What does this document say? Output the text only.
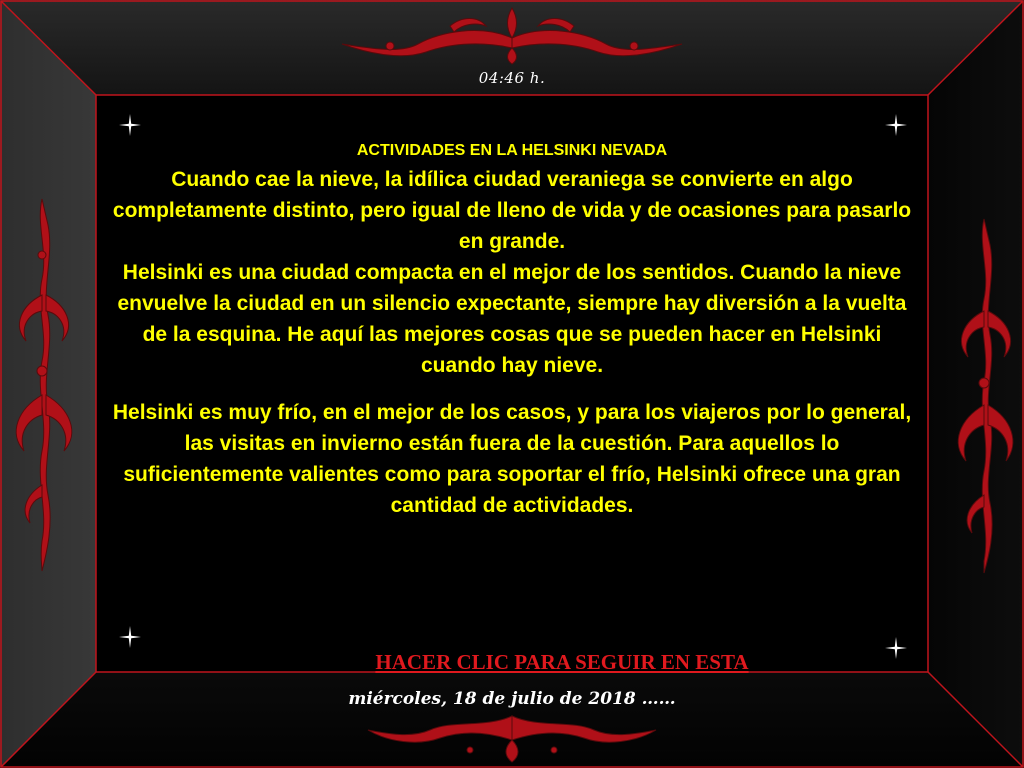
04:46 h.
ACTIVIDADES EN LA HELSINKI NEVADA
Cuando cae la nieve, la idílica ciudad veraniega se convierte en algo completamente distinto, pero igual de lleno de vida y de ocasiones para pasarlo en grande.
Helsinki es una ciudad compacta en el mejor de los sentidos. Cuando la nieve envuelve la ciudad en un silencio expectante, siempre hay diversión a la vuelta de la esquina. He aquí las mejores cosas que se pueden hacer en Helsinki cuando hay nieve.
Helsinki es muy frío, en el mejor de los casos, y para los viajeros por lo general, las visitas en invierno están fuera de la cuestión. Para aquellos lo suficientemente valientes como para soportar el frío, Helsinki ofrece una gran cantidad de actividades.
HACER CLIC PARA SEGUIR EN ESTA
miércoles, 18 de julio de 2018 ……
